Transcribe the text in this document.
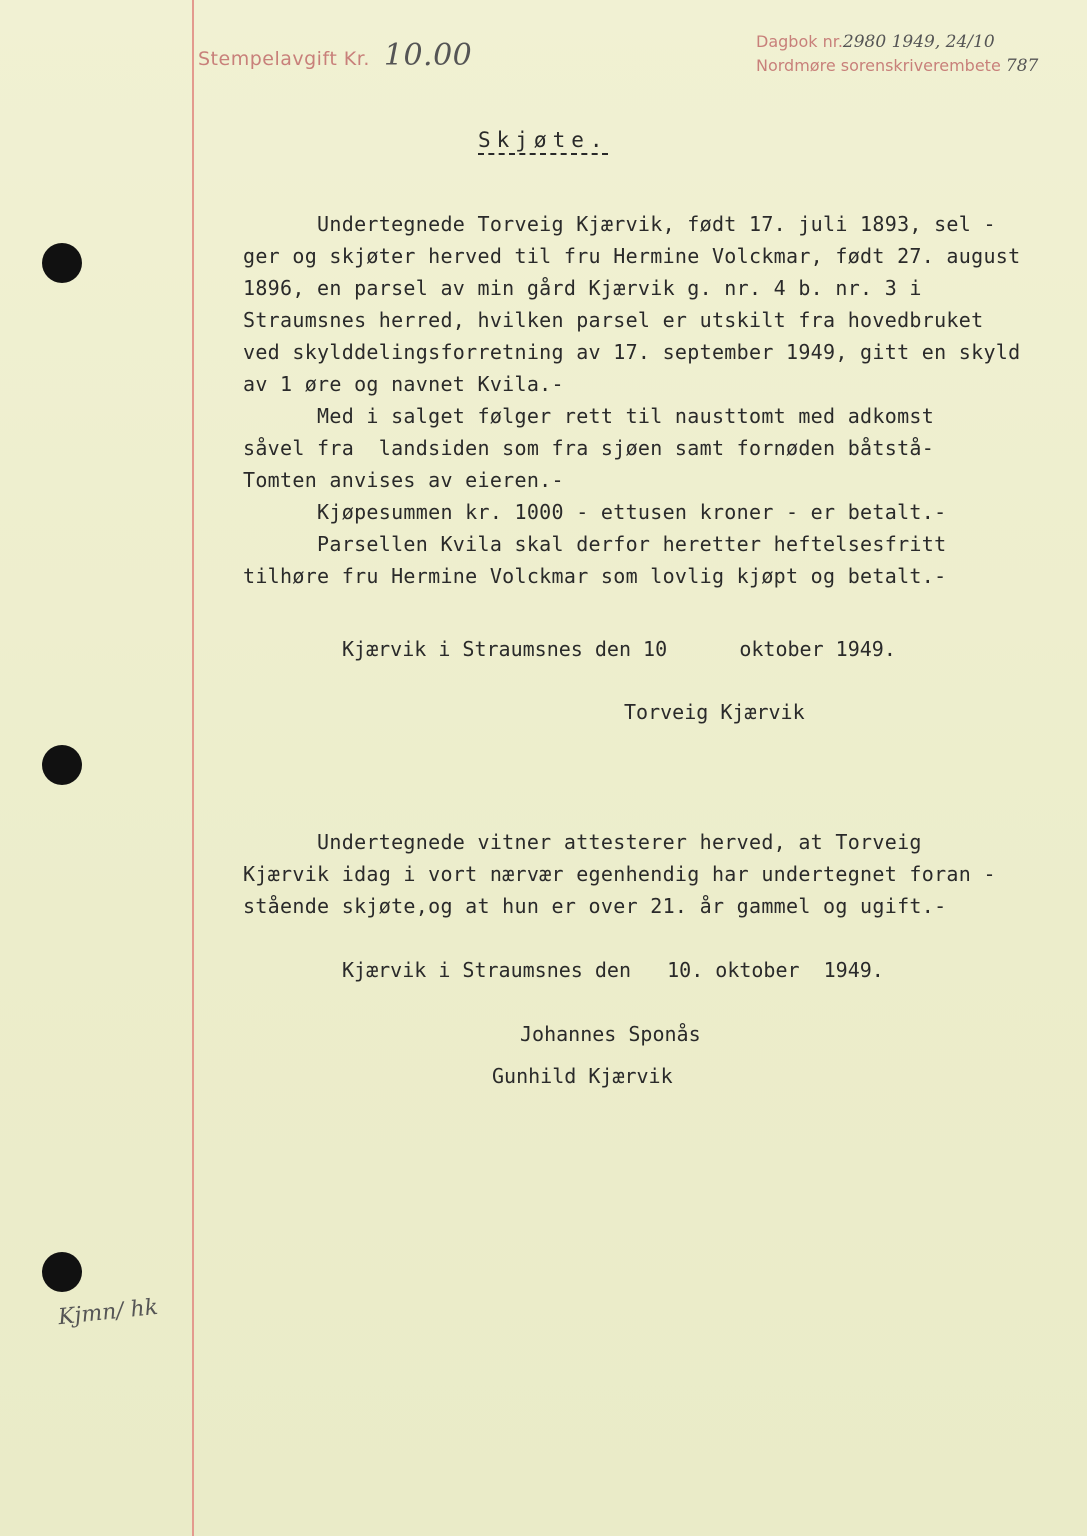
Stempelavgift Kr. 10.00	Dagbok nr.2980 1949, 24/10
Nordmøre sorenskriverembete 787
Skjøte.
Undertegnede Torveig Kjærvik, født 17. juli 1893, sel -
ger og skjøter herved til fru Hermine Volckmar, født 27. august
1896, en parsel av min gård Kjærvik g. nr. 4 b. nr. 3 i
Straumsnes herred, hvilken parsel er utskilt fra hovedbruket
ved skylddelingsforretning av 17. september 1949, gitt en skyld
av 1 øre og navnet Kvila.-
Med i salget følger rett til nausttomt med adkomst
såvel fra  landsiden som fra sjøen samt fornøden båtstå-
Tomten anvises av eieren.-
Kjøpesummen kr. 1000 - ettusen kroner - er betalt.-
Parsellen Kvila skal derfor heretter heftelsesfritt
tilhøre fru Hermine Volckmar som lovlig kjøpt og betalt.-
Kjærvik i Straumsnes den 10      oktober 1949.
Torveig Kjærvik
Undertegnede vitner attesterer herved, at Torveig
Kjærvik idag i vort nærvær egenhendig har undertegnet foran -
stående skjøte,og at hun er over 21. år gammel og ugift.-
Kjærvik i Straumsnes den   10. oktober  1949.
Johannes Sponås
Gunhild Kjærvik
Kjmn/ hk
